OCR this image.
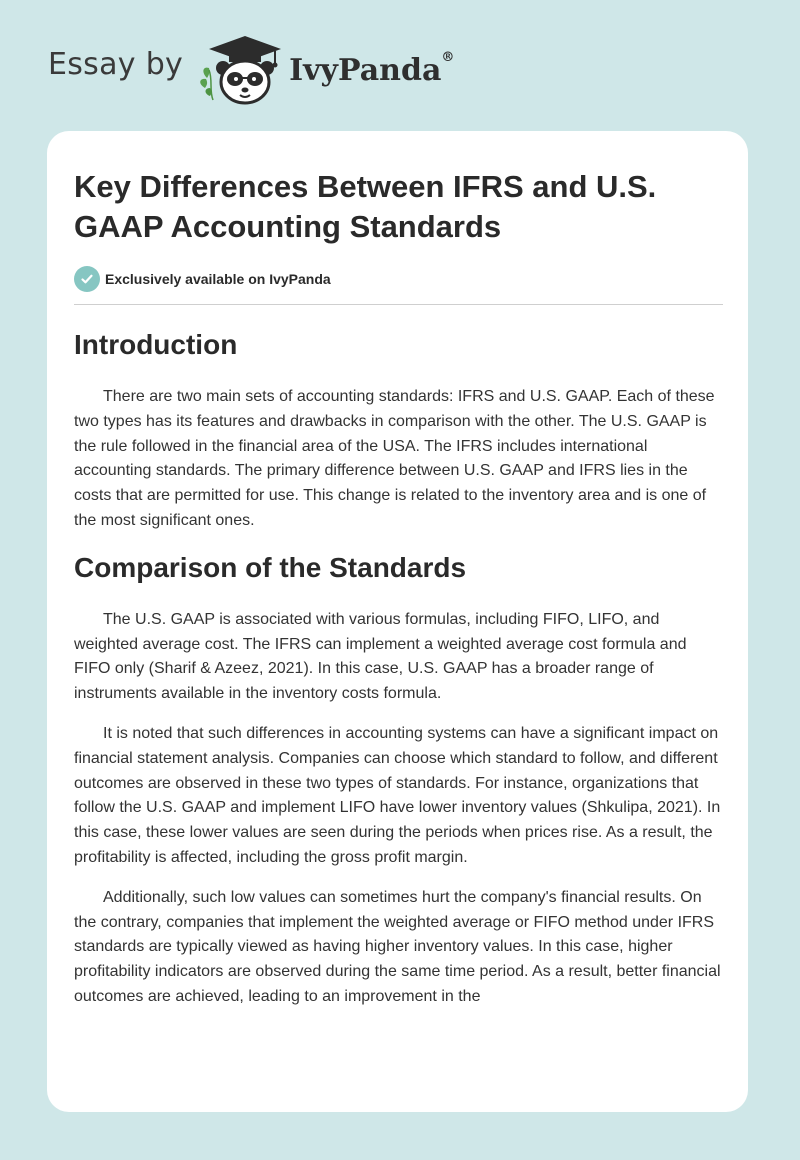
Essay by	IvyPanda®
Key Differences Between IFRS and U.S. GAAP Accounting Standards
Exclusively available on IvyPanda
Introduction

There are two main sets of accounting standards: IFRS and U.S. GAAP. Each of these two types has its features and drawbacks in comparison with the other. The U.S. GAAP is the rule followed in the financial area of the USA. The IFRS includes international accounting standards. The primary difference between U.S. GAAP and IFRS lies in the costs that are permitted for use. This change is related to the inventory area and is one of the most significant ones.

Comparison of the Standards

The U.S. GAAP is associated with various formulas, including FIFO, LIFO, and weighted average cost. The IFRS can implement a weighted average cost formula and FIFO only (Sharif & Azeez, 2021). In this case, U.S. GAAP has a broader range of instruments available in the inventory costs formula.

It is noted that such differences in accounting systems can have a significant impact on financial statement analysis. Companies can choose which standard to follow, and different outcomes are observed in these two types of standards. For instance, organizations that follow the U.S. GAAP and implement LIFO have lower inventory values (Shkulipa, 2021). In this case, these lower values are seen during the periods when prices rise. As a result, the profitability is affected, including the gross profit margin.

Additionally, such low values can sometimes hurt the company's financial results. On the contrary, companies that implement the weighted average or FIFO method under IFRS standards are typically viewed as having higher inventory values. In this case, higher profitability indicators are observed during the same time period. As a result, better financial outcomes are achieved, leading to an improvement in the
